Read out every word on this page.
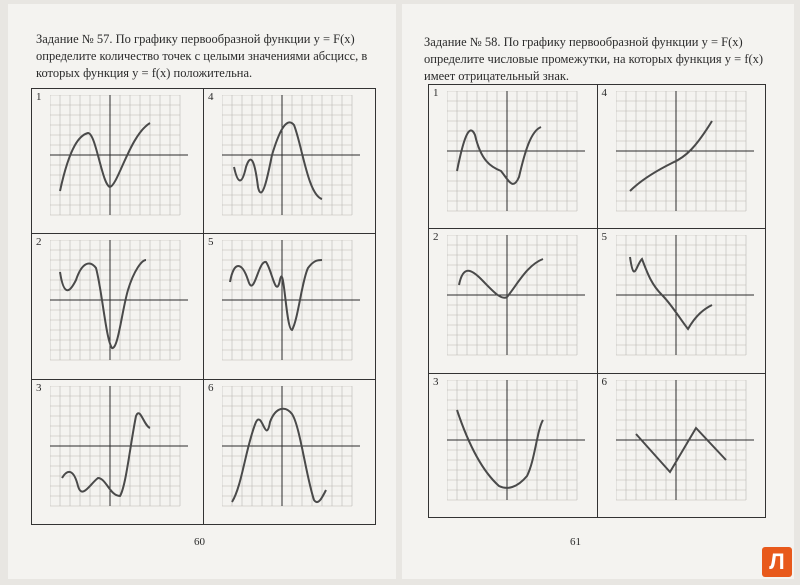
Задание № 57. По графику первообразной функции y = F(x) определите количество точек с целыми значениями абсцисс, в которых функция y = f(x) положительна.
1	4
2	5
3	6
60
Задание № 58. По графику первообразной функции y = F(x) определите числовые промежутки, на которых функция y = f(x) имеет отрицательный знак.
1	4
2	5
3	6
61
Л
